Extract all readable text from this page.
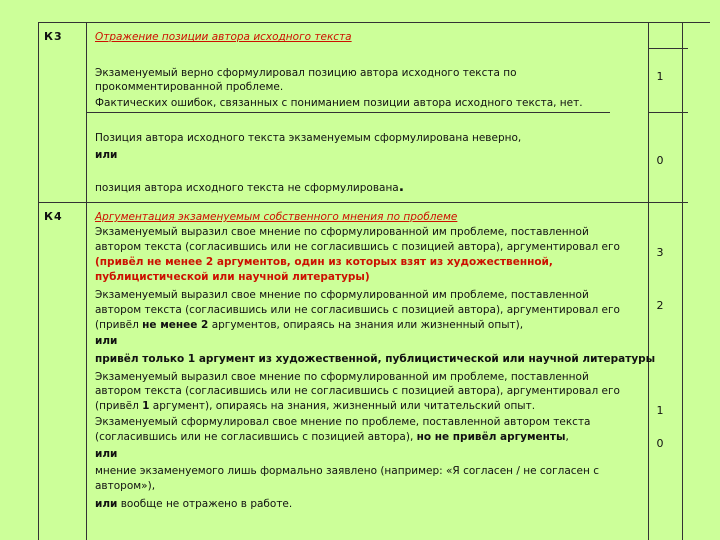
К3	Отражение позиции автора исходного текста
Экзаменуемый верно сформулировал позицию автора исходного текста по
прокомментированной проблеме.
Фактических ошибок, связанных с пониманием позиции автора исходного текста, нет.
1
Позиция автора исходного текста экзаменуемым сформулирована неверно,
или
позиция автора исходного текста не сформулирована.
0
К4	Аргументация экзаменуемым собственного мнения по проблеме
Экзаменуемый выразил свое мнение по сформулированной им проблеме, поставленной
автором текста (согласившись или не согласившись с позицией автора), аргументировал его
(привёл не менее 2 аргументов, один из которых взят из художественной,
публицистической или научной литературы)
3
Экзаменуемый выразил свое мнение по сформулированной им проблеме, поставленной
автором текста (согласившись или не согласившись с позицией автора), аргументировал его
(привёл не менее 2 аргументов, опираясь на знания или жизненный опыт),
или
привёл только 1 аргумент из художественной, публицистической или научной литературы
2
Экзаменуемый выразил свое мнение по сформулированной им проблеме, поставленной
автором текста (согласившись или не согласившись с позицией автора), аргументировал его
(привёл 1 аргумент), опираясь на знания, жизненный или читательский опыт.	1
Экзаменуемый сформулировал свое мнение по проблеме, поставленной автором текста
(согласившись или не согласившись с позицией автора), но не привёл аргументы,
или
мнение экзаменуемого лишь формально заявлено (например: «Я согласен / не согласен с
автором»),
или вообще не отражено в работе.
0
